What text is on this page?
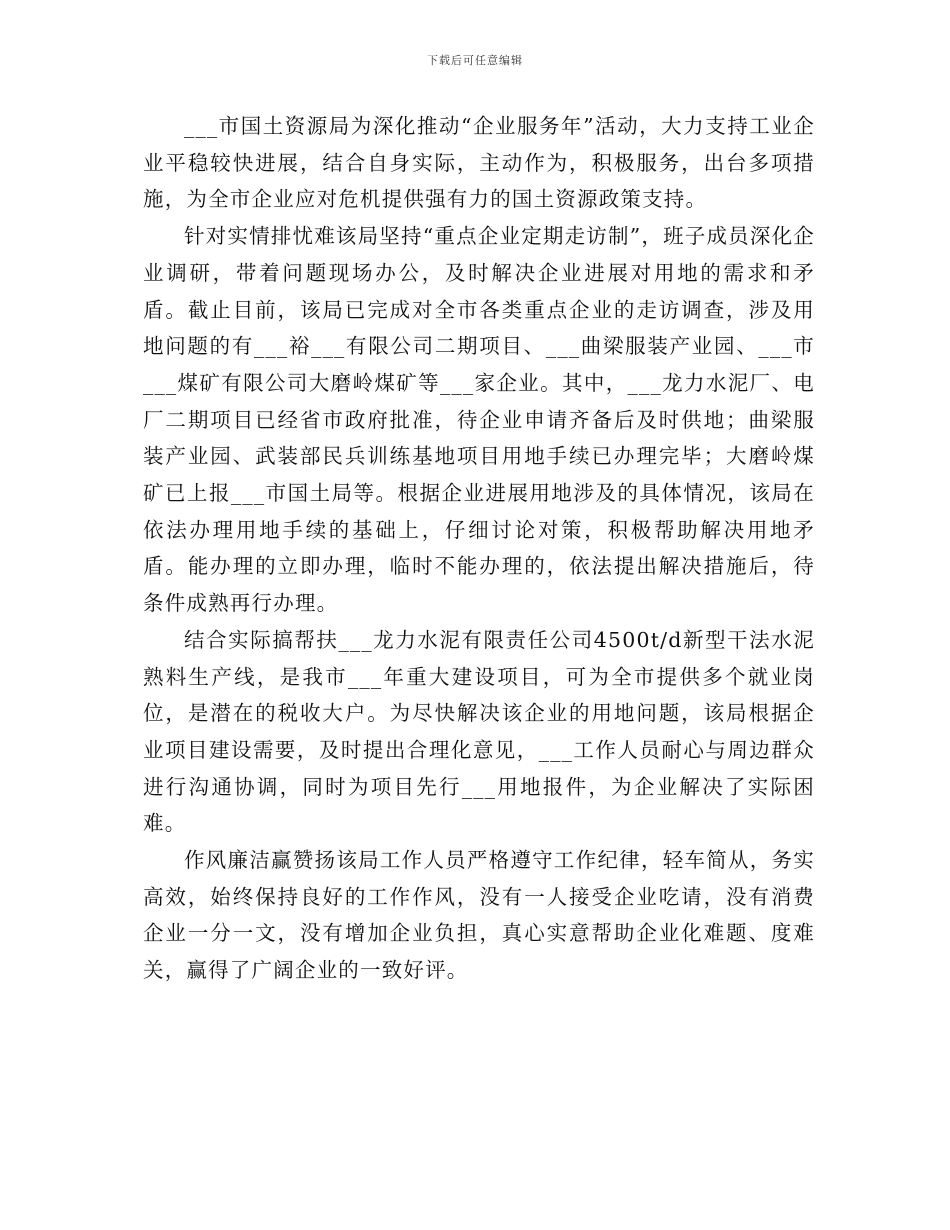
下载后可任意编辑

___市国土资源局为深化推动“企业服务年”活动，大力支持工业企业平稳较快进展，结合自身实际，主动作为，积极服务，出台多项措施，为全市企业应对危机提供强有力的国土资源政策支持。

针对实情排忧难该局坚持“重点企业定期走访制”，班子成员深化企业调研，带着问题现场办公，及时解决企业进展对用地的需求和矛盾。截止目前，该局已完成对全市各类重点企业的走访调查，涉及用地问题的有___裕___有限公司二期项目、___曲梁服装产业园、___市___煤矿有限公司大磨岭煤矿等___家企业。其中，___龙力水泥厂、电厂二期项目已经省市政府批准，待企业申请齐备后及时供地；曲梁服装产业园、武装部民兵训练基地项目用地手续已办理完毕；大磨岭煤矿已上报___市国土局等。根据企业进展用地涉及的具体情况，该局在依法办理用地手续的基础上，仔细讨论对策，积极帮助解决用地矛盾。能办理的立即办理，临时不能办理的，依法提出解决措施后，待条件成熟再行办理。

结合实际搞帮扶___龙力水泥有限责任公司4500t/d新型干法水泥熟料生产线，是我市___年重大建设项目，可为全市提供多个就业岗位，是潜在的税收大户。为尽快解决该企业的用地问题，该局根据企业项目建设需要，及时提出合理化意见，___工作人员耐心与周边群众进行沟通协调，同时为项目先行___用地报件，为企业解决了实际困难。

作风廉洁赢赞扬该局工作人员严格遵守工作纪律，轻车简从，务实高效，始终保持良好的工作作风，没有一人接受企业吃请，没有消费企业一分一文，没有增加企业负担，真心实意帮助企业化难题、度难关，赢得了广阔企业的一致好评。
